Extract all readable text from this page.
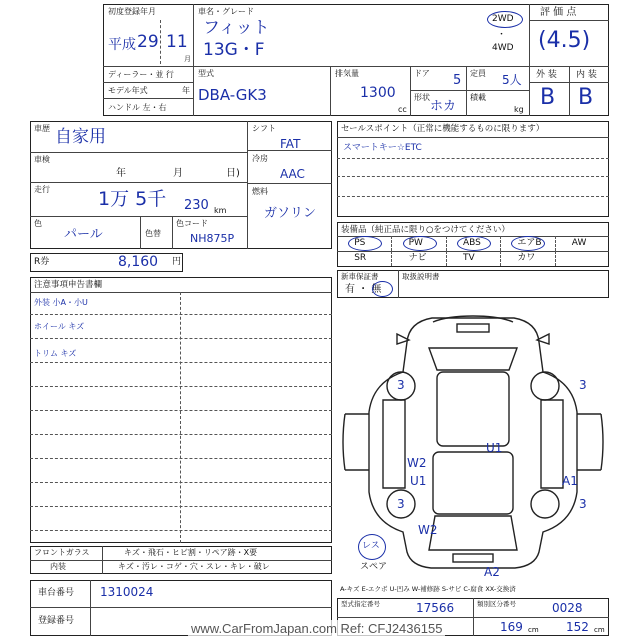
初度登録年月
平成 29 11
月
車名・グレード
フィット
13G・F
2WD
・
4WD
評 価 点
(4.5)
ディーラー・並 行
モデル年式	年
ハンドル 左・右
型式
DBA-GK3
排気量
1300
cc
ドア 5 定員 5人
形状
ホカ
積載
kg
外 装 内 装
B B
車歴 自家用
車検
年	月	日)
走行	1万 5千 230 km
色
パール	色替
色コード
NH875P
シフト
FAT
冷房
AAC
燃料
ガソリン
R券	8,160 円
セールスポイント（正常に機能するものに限ります）
スマートキー☆ETC
装備品（純正品に限り○をつけてください）
PS	PW	ABS	エアB	AW
SR	ナビ	TV	カワ
新車保証書	取扱説明書
有 ・ 無
注意事項申告書欄
外装 小A・小U
ホイール キズ
トリム キズ
3	3
U1
W2
U1	A1
3	3
W2
A2
レス
スペア
A-キズ E-エクボ U-凹み W-補修跡 S-サビ C-腐食 XX-交換済
フロントガラス	キズ・飛石・ヒビ割・リペア跡・X要
内装	キズ・汚レ・コゲ・穴・スレ・キレ・破レ
車台番号 1310024
登録番号
型式指定番号	17566	類別区分番号	0028
169 cm 152 cm
www.CarFromJapan.com Ref: CFJ2436155
